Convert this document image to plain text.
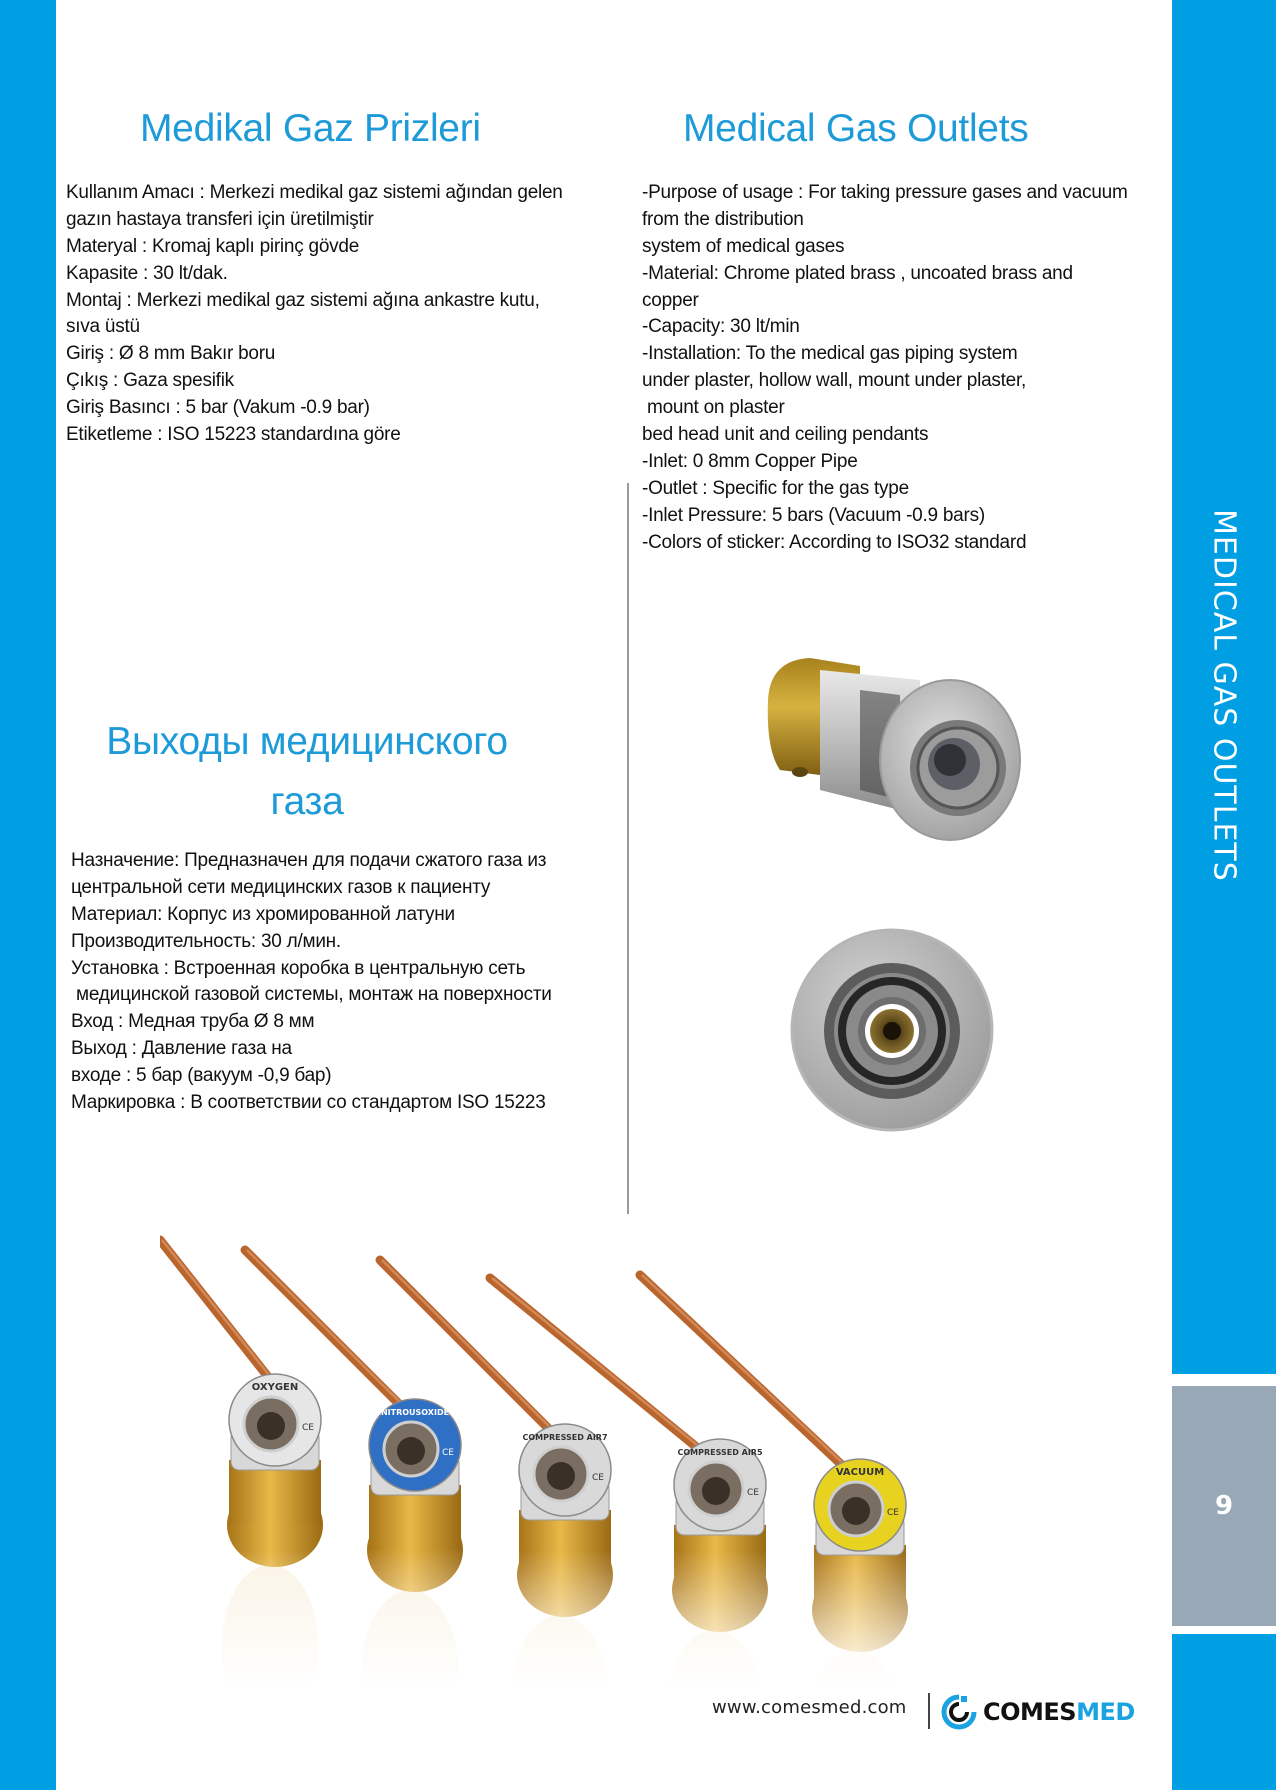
MEDICAL GAS OUTLETS
9
Medikal Gaz Prizleri	Medical Gas Outlets
Выходы медицинского
газа
Kullanım Amacı : Merkezi medikal gaz sistemi ağından gelen
gazın hastaya transferi için üretilmiştir
Materyal : Kromaj kaplı pirinç gövde
Kapasite : 30 lt/dak.
Montaj : Merkezi medikal gaz sistemi ağına ankastre kutu,
sıva üstü
Giriş : Ø 8 mm Bakır boru
Çıkış : Gaza spesifik
Giriş Basıncı : 5 bar (Vakum -0.9 bar)
Etiketleme : ISO 15223 standardına göre
-Purpose of usage : For taking pressure gases and vacuum
from the distribution
system of medical gases
-Material: Chrome plated brass , uncoated brass and
copper
-Capacity: 30 lt/min
-Installation: To the medical gas piping system
under plaster, hollow wall, mount under plaster,
mount on plaster
bed head unit and ceiling pendants
-Inlet: 0 8mm Copper Pipe
-Outlet : Specific for the gas type
-Inlet Pressure: 5 bars (Vacuum -0.9 bars)
-Colors of sticker: According to ISO32 standard
Назначение: Предназначен для подачи сжатого газа из
центральной сети медицинских газов к пациенту
Материал: Корпус из хромированной латуни
Производительность: 30 л/мин.
Установка : Встроенная коробка в центральную сеть
медицинской газовой системы, монтаж на поверхности
Вход : Медная труба Ø 8 мм
Выход : Давление газа на
входе : 5 бар (вакуум -0,9 бар)
Маркировка : В соответствии со стандартом ISO 15223
OXYGEN
CE
NITROUSOXIDE
CE
COMPRESSED AIR7
CE
COMPRESSED AIR5
CE
VACUUM
CE
www.comesmed.com	COMESMED
